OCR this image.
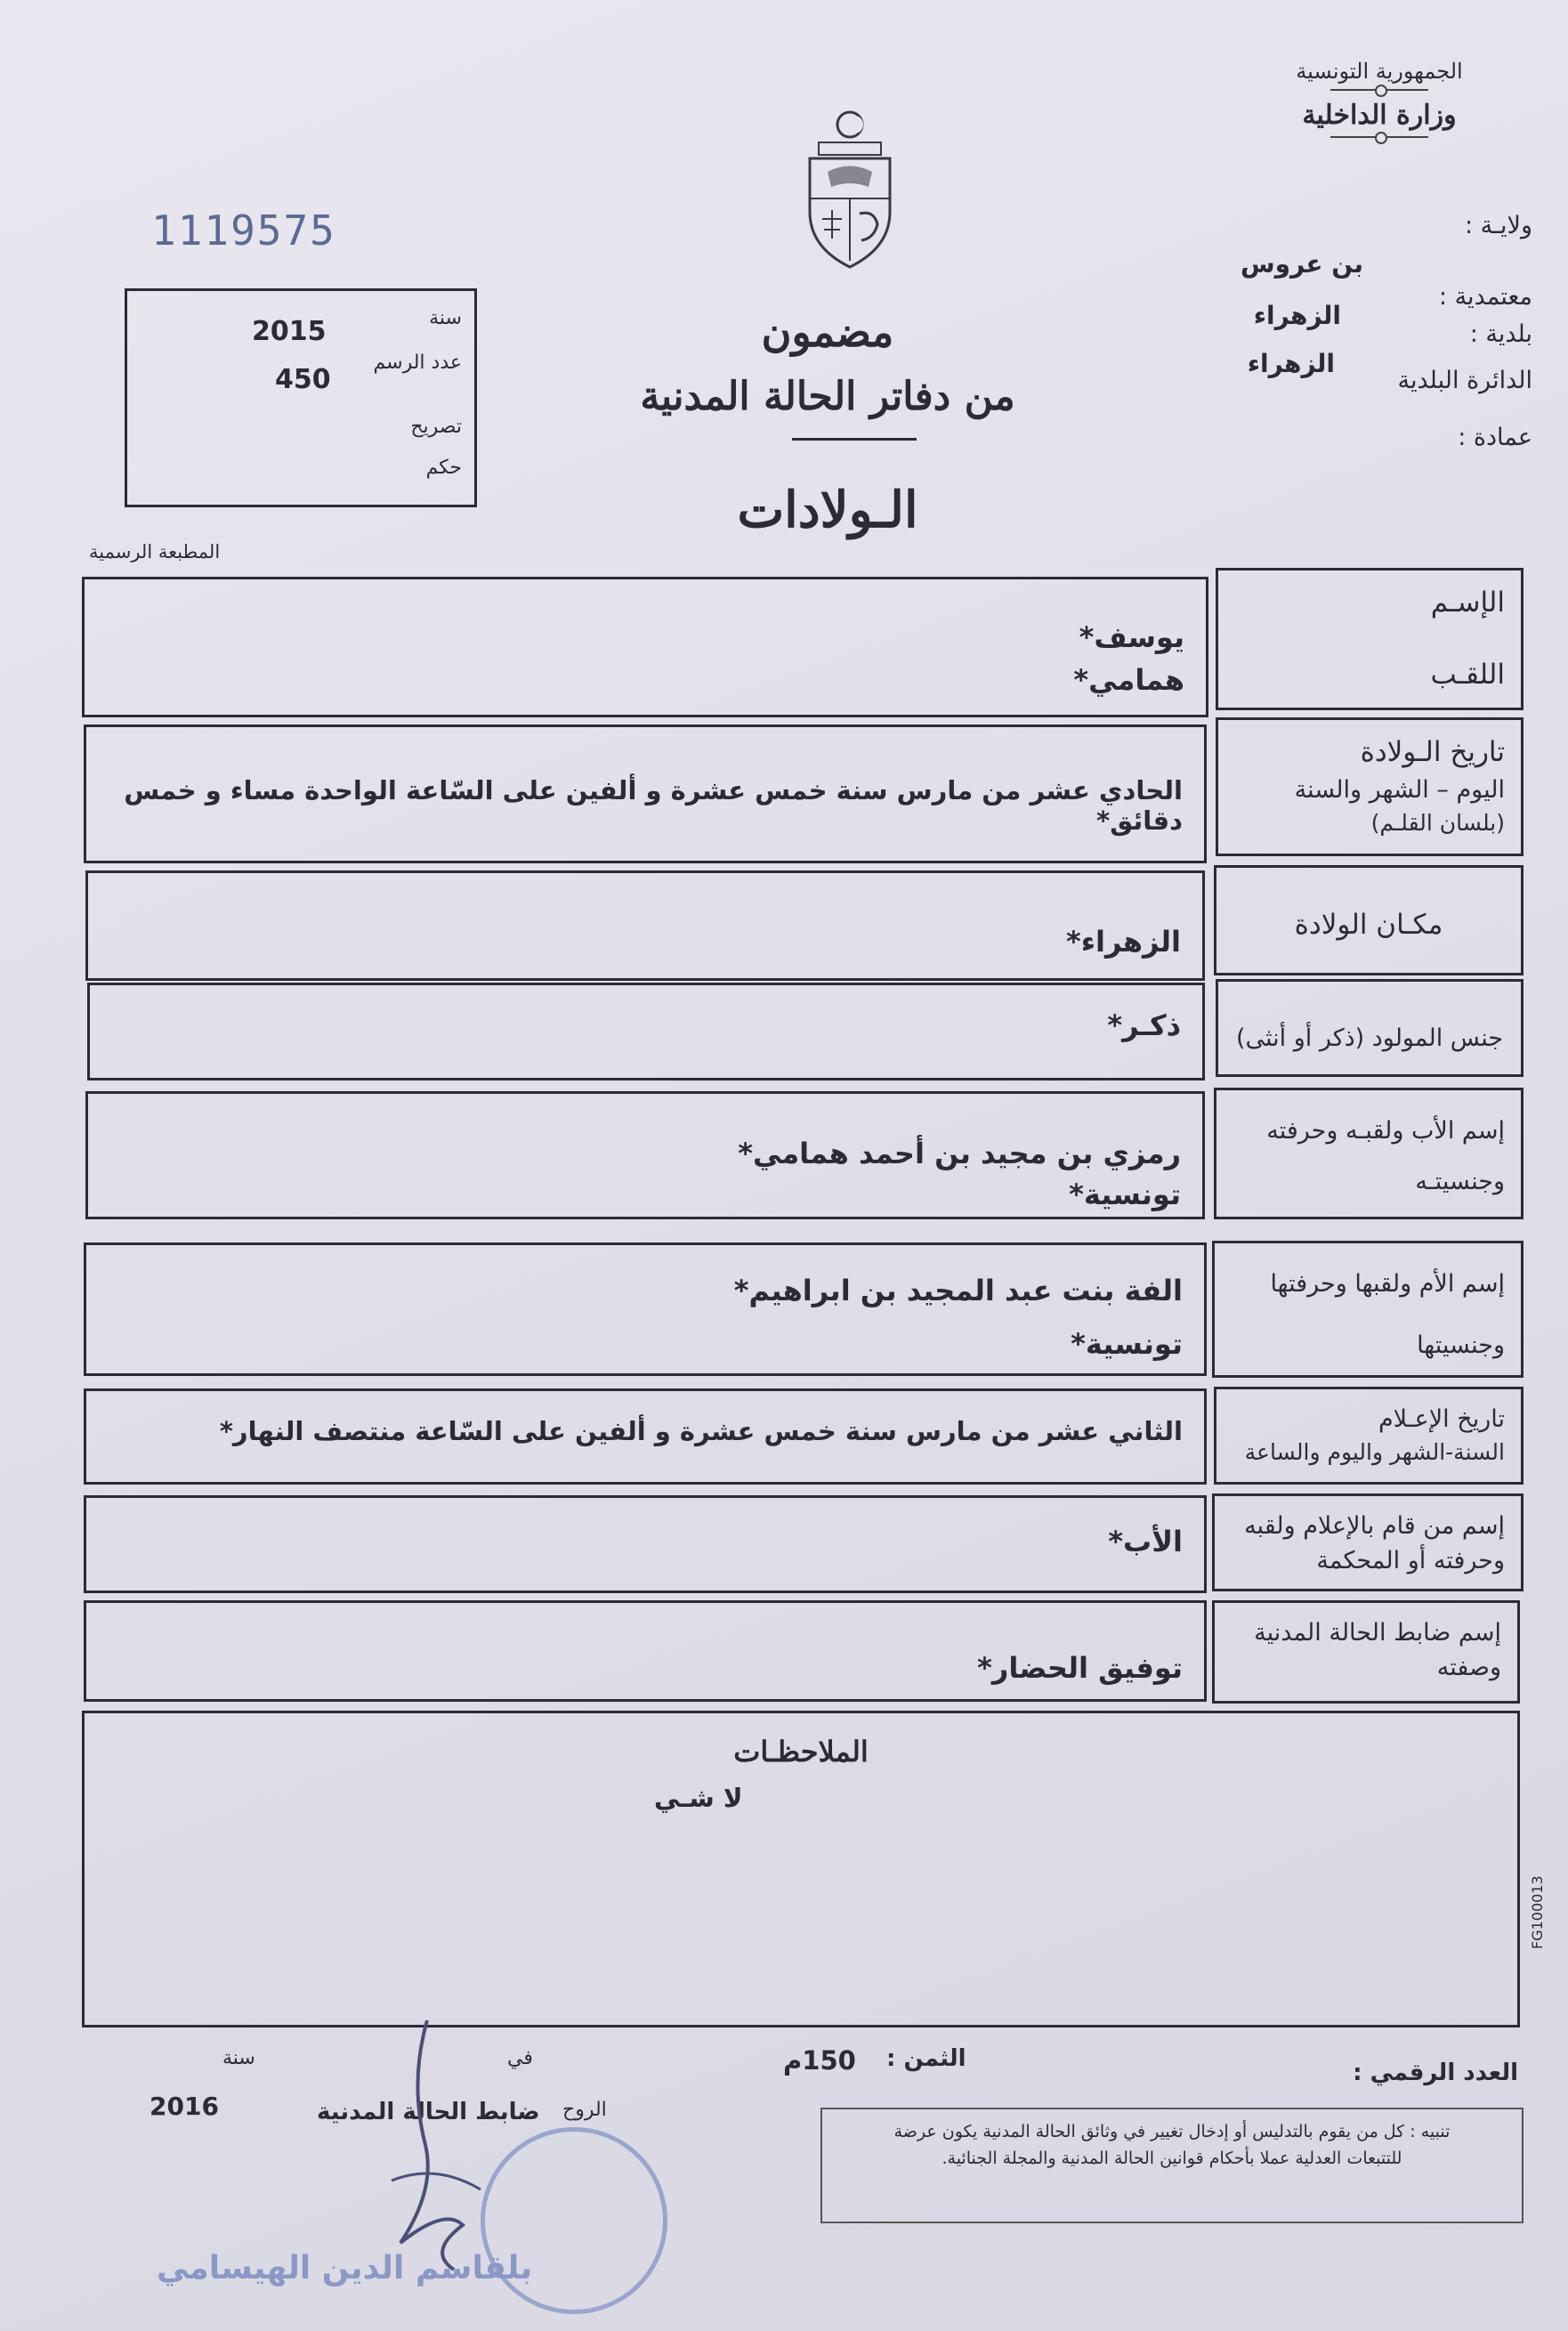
الجمهورية التونسية
وزارة الداخلية
1119575	ولايـة :
بن عروس
معتمدية :
الزهراء
بلدية :
الزهراء
الدائرة البلدية
عمادة :
سنة
2015
عدد الرسم
450
تصريح
حكم
مضمون
من دفاتر الحالة المدنية
الـولادات
المطبعة الرسمية
الإسـم
اللقـب
يوسف*
همامي*
تاريخ الـولادة
اليوم – الشهر والسنة
(بلسان القلـم)
الحادي عشر من مارس سنة خمس عشرة و ألفين على السّاعة الواحدة مساء و خمس دقائق*
مكـان الولادة
الزهراء*
جنس المولود (ذكر أو أنثى)
ذكـر*
إسم الأب ولقبـه وحرفته
وجنسيتـه
رمزي بن مجيد بن أحمد همامي*
تونسية*
إسم الأم ولقبها وحرفتها
وجنسيتها
الفة بنت عبد المجيد بن ابراهيم*
تونسية*
تاريخ الإعـلام
السنة-الشهر واليوم والساعة
الثاني عشر من مارس سنة خمس عشرة و ألفين على السّاعة منتصف النهار*
إسم من قام بالإعلام ولقبه
وحرفته أو المحكمة
الأب*
إسم ضابط الحالة المدنية
وصفته
توفيق الحضار*
الملاحظـات
لا شـي
FG100013
العدد الرقمي :
الثمن :
150م
في
سنة
2016	ضابط الحالة المدنية الروح
بلقاسم الدين الهيسامي
تنبيه : كل من يقوم بالتدليس أو إدخال تغيير في وثائق الحالة المدنية يكون عرضة
للتتبعات العدلية عملا بأحكام قوانين الحالة المدنية والمجلة الجنائية.
